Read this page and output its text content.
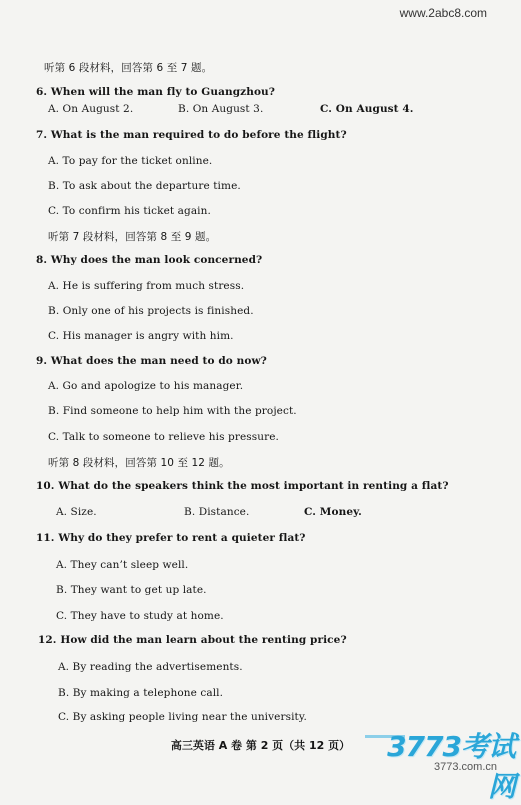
www.2abc8.com
听第 6 段材料，回答第 6 至 7 题。
6. When will the man fly to Guangzhou?
A. On August 2.	B. On August 3.	C. On August 4.
7. What is the man required to do before the flight?
A. To pay for the ticket online.
B. To ask about the departure time.
C. To confirm his ticket again.
听第 7 段材料，回答第 8 至 9 题。
8. Why does the man look concerned?
A. He is suffering from much stress.
B. Only one of his projects is finished.
C. His manager is angry with him.
9. What does the man need to do now?
A. Go and apologize to his manager.
B. Find someone to help him with the project.
C. Talk to someone to relieve his pressure.
听第 8 段材料，回答第 10 至 12 题。
10. What do the speakers think the most important in renting a flat?
A. Size.	B. Distance.	C. Money.
11. Why do they prefer to rent a quieter flat?
A. They can’t sleep well.
B. They want to get up late.
C. They have to study at home.
12. How did the man learn about the renting price?
A. By reading the advertisements.
B. By making a telephone call.
C. By asking people living near the university.
高三英语 A 卷 第 2 页（共 12 页）	3773考试网
3773.com.cn
